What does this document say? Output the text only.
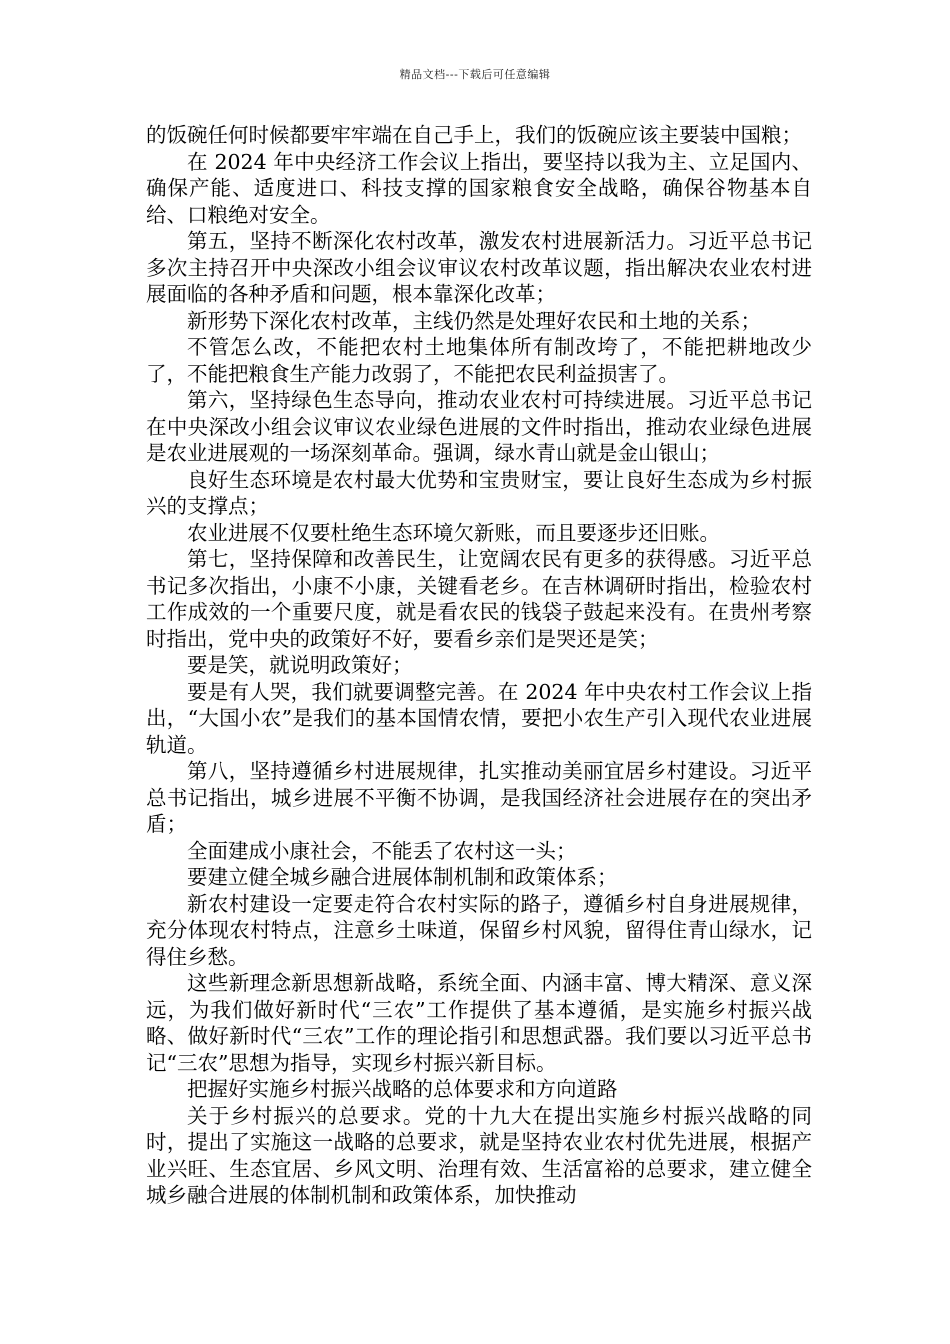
精品文档---下载后可任意编辑

的饭碗任何时候都要牢牢端在自己手上，我们的饭碗应该主要装中国粮；

在 2024 年中央经济工作会议上指出，要坚持以我为主、立足国内、确保产能、适度进口、科技支撑的国家粮食安全战略，确保谷物基本自给、口粮绝对安全。

第五，坚持不断深化农村改革，激发农村进展新活力。习近平总书记多次主持召开中央深改小组会议审议农村改革议题，指出解决农业农村进展面临的各种矛盾和问题，根本靠深化改革；

新形势下深化农村改革，主线仍然是处理好农民和土地的关系；

不管怎么改，不能把农村土地集体所有制改垮了，不能把耕地改少了，不能把粮食生产能力改弱了，不能把农民利益损害了。

第六，坚持绿色生态导向，推动农业农村可持续进展。习近平总书记在中央深改小组会议审议农业绿色进展的文件时指出，推动农业绿色进展是农业进展观的一场深刻革命。强调，绿水青山就是金山银山；

良好生态环境是农村最大优势和宝贵财宝，要让良好生态成为乡村振兴的支撑点；

农业进展不仅要杜绝生态环境欠新账，而且要逐步还旧账。

第七，坚持保障和改善民生，让宽阔农民有更多的获得感。习近平总书记多次指出，小康不小康，关键看老乡。在吉林调研时指出，检验农村工作成效的一个重要尺度，就是看农民的钱袋子鼓起来没有。在贵州考察时指出，党中央的政策好不好，要看乡亲们是哭还是笑；

要是笑，就说明政策好；

要是有人哭，我们就要调整完善。在 2024 年中央农村工作会议上指出，“大国小农”是我们的基本国情农情，要把小农生产引入现代农业进展轨道。

第八，坚持遵循乡村进展规律，扎实推动美丽宜居乡村建设。习近平总书记指出，城乡进展不平衡不协调，是我国经济社会进展存在的突出矛盾；

全面建成小康社会，不能丢了农村这一头；

要建立健全城乡融合进展体制机制和政策体系；

新农村建设一定要走符合农村实际的路子，遵循乡村自身进展规律，充分体现农村特点，注意乡土味道，保留乡村风貌，留得住青山绿水，记得住乡愁。

这些新理念新思想新战略，系统全面、内涵丰富、博大精深、意义深远，为我们做好新时代“三农”工作提供了基本遵循，是实施乡村振兴战略、做好新时代“三农”工作的理论指引和思想武器。我们要以习近平总书记“三农”思想为指导，实现乡村振兴新目标。

把握好实施乡村振兴战略的总体要求和方向道路

关于乡村振兴的总要求。党的十九大在提出实施乡村振兴战略的同时，提出了实施这一战略的总要求，就是坚持农业农村优先进展，根据产业兴旺、生态宜居、乡风文明、治理有效、生活富裕的总要求，建立健全城乡融合进展的体制机制和政策体系，加快推动
